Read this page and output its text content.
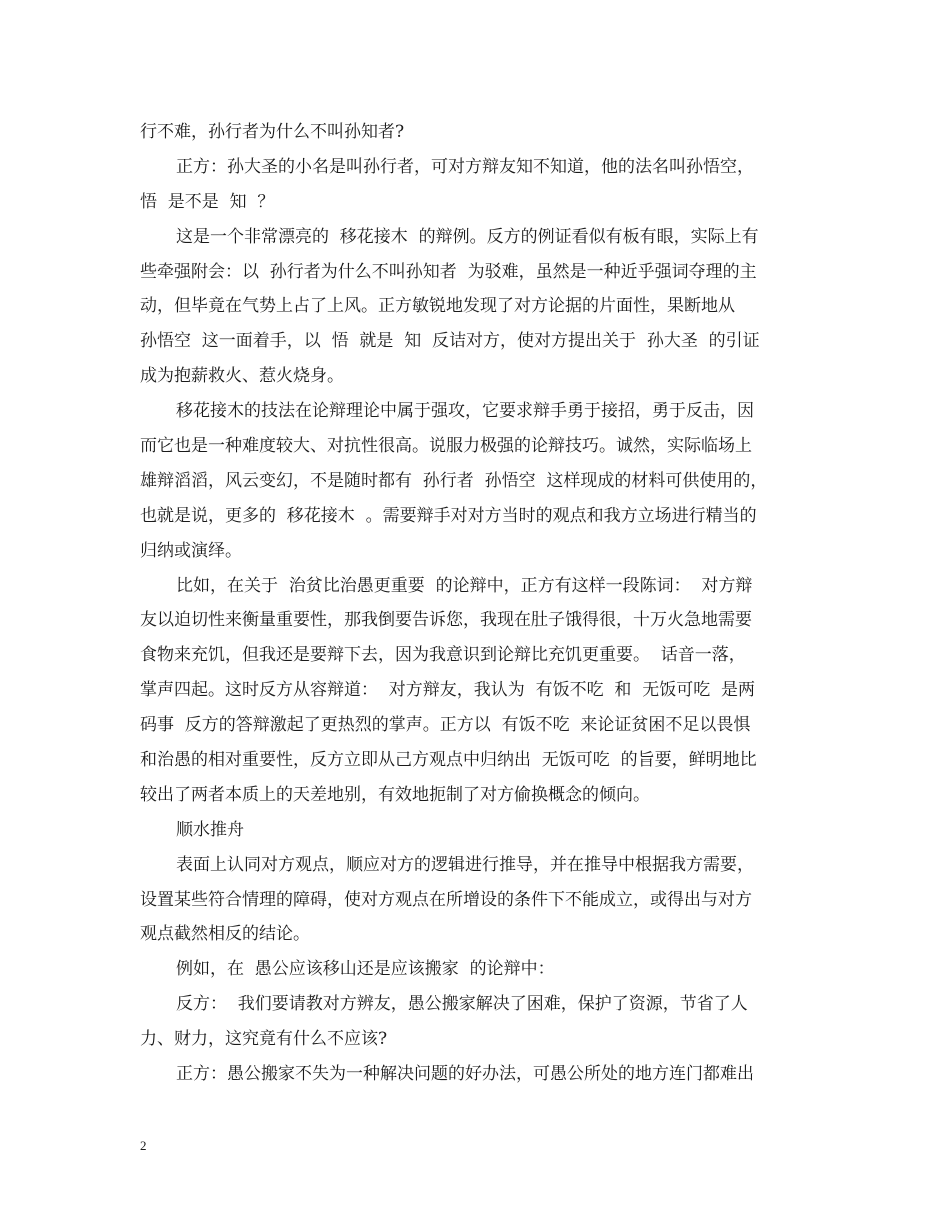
行不难，孙行者为什么不叫孙知者?
正方：孙大圣的小名是叫孙行者，可对方辩友知不知道，他的法名叫孙悟空，
悟  是不是  知  ？
这是一个非常漂亮的  移花接木  的辩例。反方的例证看似有板有眼，实际上有
些牵强附会：以  孙行者为什么不叫孙知者  为驳难，虽然是一种近乎强词夺理的主
动，但毕竟在气势上占了上风。正方敏锐地发现了对方论据的片面性，果断地从
孙悟空  这一面着手，以  悟  就是  知  反诘对方，使对方提出关于  孙大圣  的引证
成为抱薪救火、惹火烧身。
移花接木的技法在论辩理论中属于强攻，它要求辩手勇于接招，勇于反击，因
而它也是一种难度较大、对抗性很高。说服力极强的论辩技巧。诚然，实际临场上
雄辩滔滔，风云变幻，不是随时都有  孙行者  孙悟空  这样现成的材料可供使用的，
也就是说，更多的  移花接木  。需要辩手对对方当时的观点和我方立场进行精当的
归纳或演绎。
比如，在关于  治贫比治愚更重要  的论辩中，正方有这样一段陈词：  对方辩
友以迫切性来衡量重要性，那我倒要告诉您，我现在肚子饿得很，十万火急地需要
食物来充饥，但我还是要辩下去，因为我意识到论辩比充饥更重要。  话音一落，
掌声四起。这时反方从容辩道：  对方辩友，我认为  有饭不吃  和  无饭可吃  是两
码事  反方的答辩激起了更热烈的掌声。正方以  有饭不吃  来论证贫困不足以畏惧
和治愚的相对重要性，反方立即从己方观点中归纳出  无饭可吃  的旨要，鲜明地比
较出了两者本质上的天差地别，有效地扼制了对方偷换概念的倾向。
顺水推舟
表面上认同对方观点，顺应对方的逻辑进行推导，并在推导中根据我方需要，
设置某些符合情理的障碍，使对方观点在所增设的条件下不能成立，或得出与对方
观点截然相反的结论。
例如，在  愚公应该移山还是应该搬家  的论辩中：
反方：  我们要请教对方辨友，愚公搬家解决了困难，保护了资源，节省了人
力、财力，这究竟有什么不应该?
正方：愚公搬家不失为一种解决问题的好办法，可愚公所处的地方连门都难出
2
